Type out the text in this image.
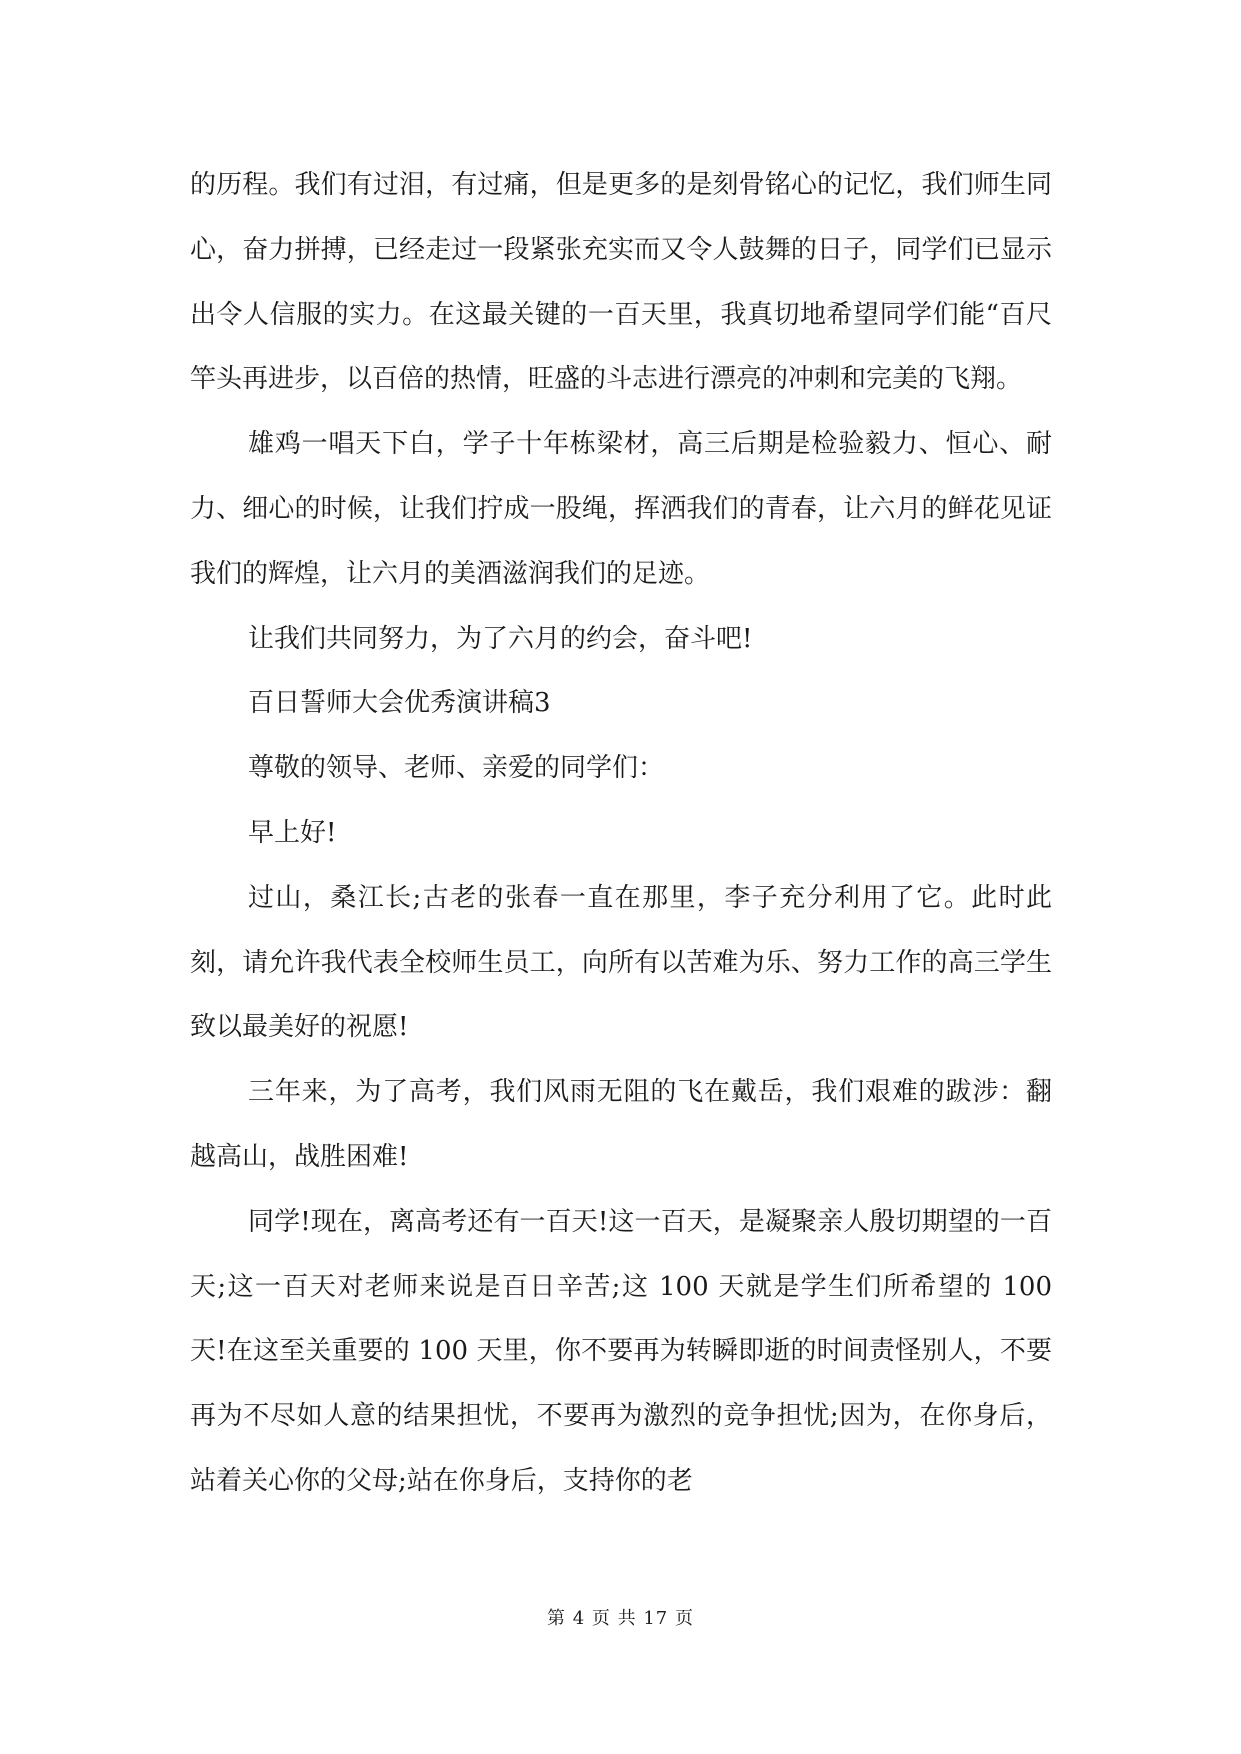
的历程。我们有过泪，有过痛，但是更多的是刻骨铭心的记忆，我们师生同心，奋力拼搏，已经走过一段紧张充实而又令人鼓舞的日子，同学们已显示出令人信服的实力。在这最关键的一百天里，我真切地希望同学们能“百尺竿头再进步，以百倍的热情，旺盛的斗志进行漂亮的冲刺和完美的飞翔。

雄鸡一唱天下白，学子十年栋梁材，高三后期是检验毅力、恒心、耐力、细心的时候，让我们拧成一股绳，挥洒我们的青春，让六月的鲜花见证我们的辉煌，让六月的美酒滋润我们的足迹。

让我们共同努力，为了六月的约会，奋斗吧!

百日誓师大会优秀演讲稿3

尊敬的领导、老师、亲爱的同学们：

早上好!

过山，桑江长;古老的张春一直在那里，李子充分利用了它。此时此刻，请允许我代表全校师生员工，向所有以苦难为乐、努力工作的高三学生致以最美好的祝愿!

三年来，为了高考，我们风雨无阻的飞在戴岳，我们艰难的跋涉：翻越高山，战胜困难!

同学!现在，离高考还有一百天!这一百天，是凝聚亲人殷切期望的一百天;这一百天对老师来说是百日辛苦;这 100 天就是学生们所希望的 100 天!在这至关重要的 100 天里，你不要再为转瞬即逝的时间责怪别人，不要再为不尽如人意的结果担忧，不要再为激烈的竞争担忧;因为，在你身后，站着关心你的父母;站在你身后，支持你的老

第 4 页 共 17 页
